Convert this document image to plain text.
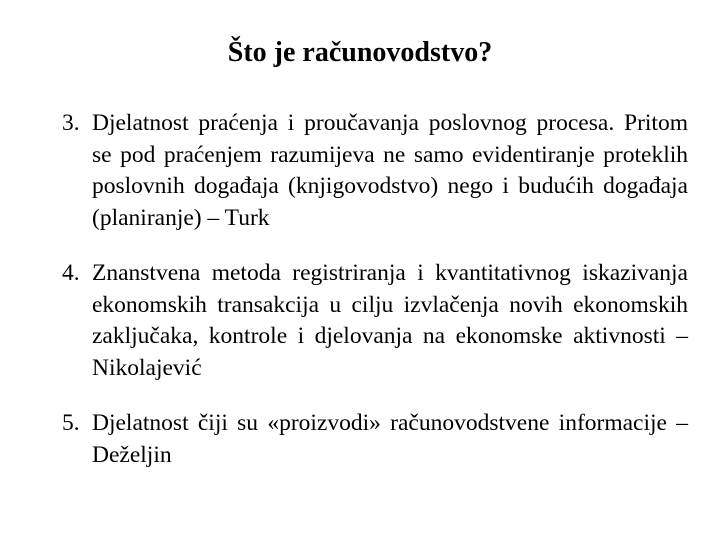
Što je računovodstvo?
3. Djelatnost praćenja i proučavanja poslovnog procesa. Pritom se pod praćenjem razumijeva ne samo evidentiranje proteklih poslovnih događaja (knjigovodstvo) nego i budućih događaja (planiranje) – Turk
4. Znanstvena metoda registriranja i kvantitativnog iskazivanja ekonomskih transakcija u cilju izvlačenja novih ekonomskih zaključaka, kontrole i djelovanja na ekonomske aktivnosti – Nikolajević
5. Djelatnost čiji su «proizvodi» računovodstvene informacije – Deželjin
